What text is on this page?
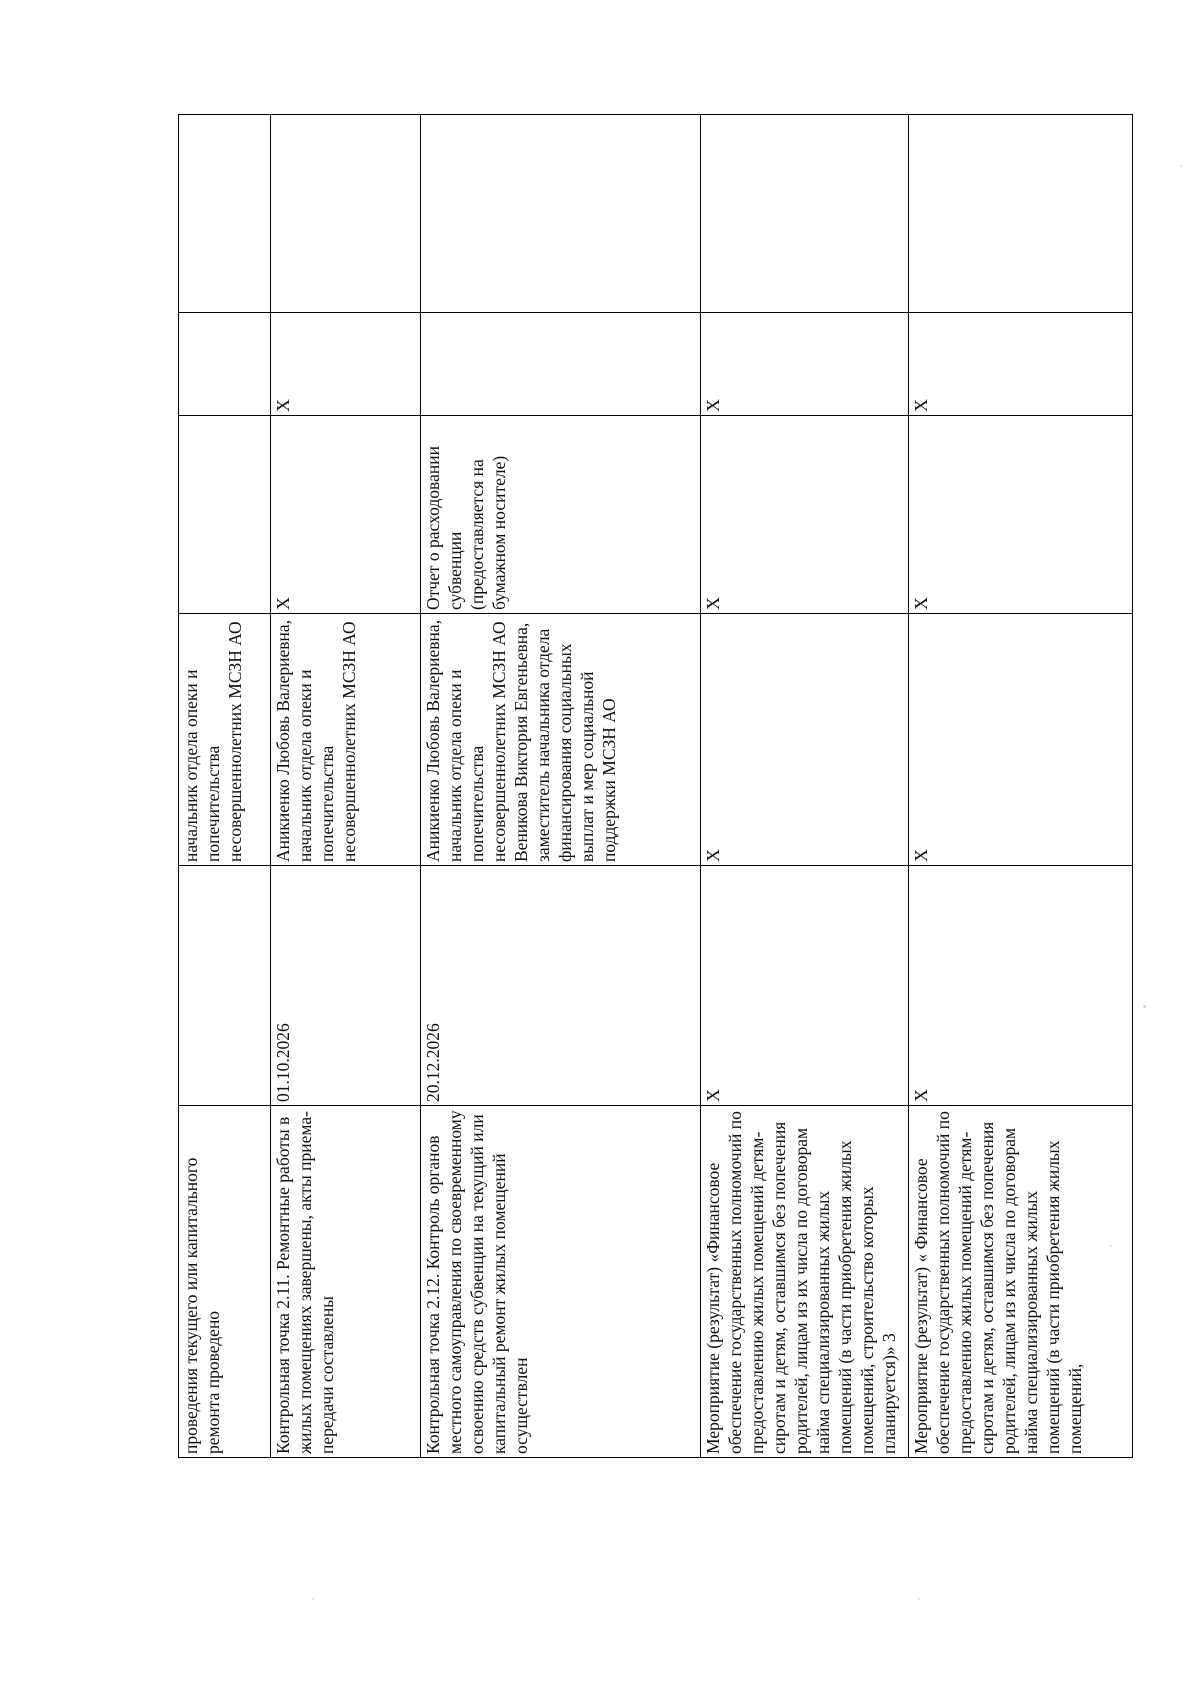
проведения текущего или капитального ремонта проведено		начальник отдела опеки и попечительства несовершеннолетних МСЗН АО			
Контрольная точка 2.11. Ремонтные работы в жилых помещениях завершены, акты приема-передачи составлены	01.10.2026	Аникиенко Любовь Валериевна, начальник отдела опеки и попечительства несовершеннолетних МСЗН АО	X	X	
Контрольная точка 2.12. Контроль органов местного самоуправления по своевременному освоению средств субвенции на текущий или капитальный ремонт жилых помещений осуществлен	20.12.2026	Аникиенко Любовь Валериевна, начальник отдела опеки и попечительства несовершеннолетних МСЗН АО Веникова Виктория Евгеньевна, заместитель начальника отдела финансирования социальных выплат и мер социальной поддержки МСЗН АО	Отчет о расходовании субвенции (предоставляется на бумажном носителе)		
Мероприятие (результат) «Финансовое обеспечение государственных полномочий по предоставлению жилых помещений детям-сиротам и детям, оставшимся без попечения родителей, лицам из их числа по договорам найма специализированных жилых помещений (в части приобретения жилых помещений, строительство которых планируется)» 3	X	X	X	X	
Мероприятие (результат) « Финансовое обеспечение государственных полномочий по предоставлению жилых помещений детям-сиротам и детям, оставшимся без попечения родителей, лицам из их числа по договорам найма специализированных жилых помещений (в части приобретения жилых помещений,	X	X	X	X	
